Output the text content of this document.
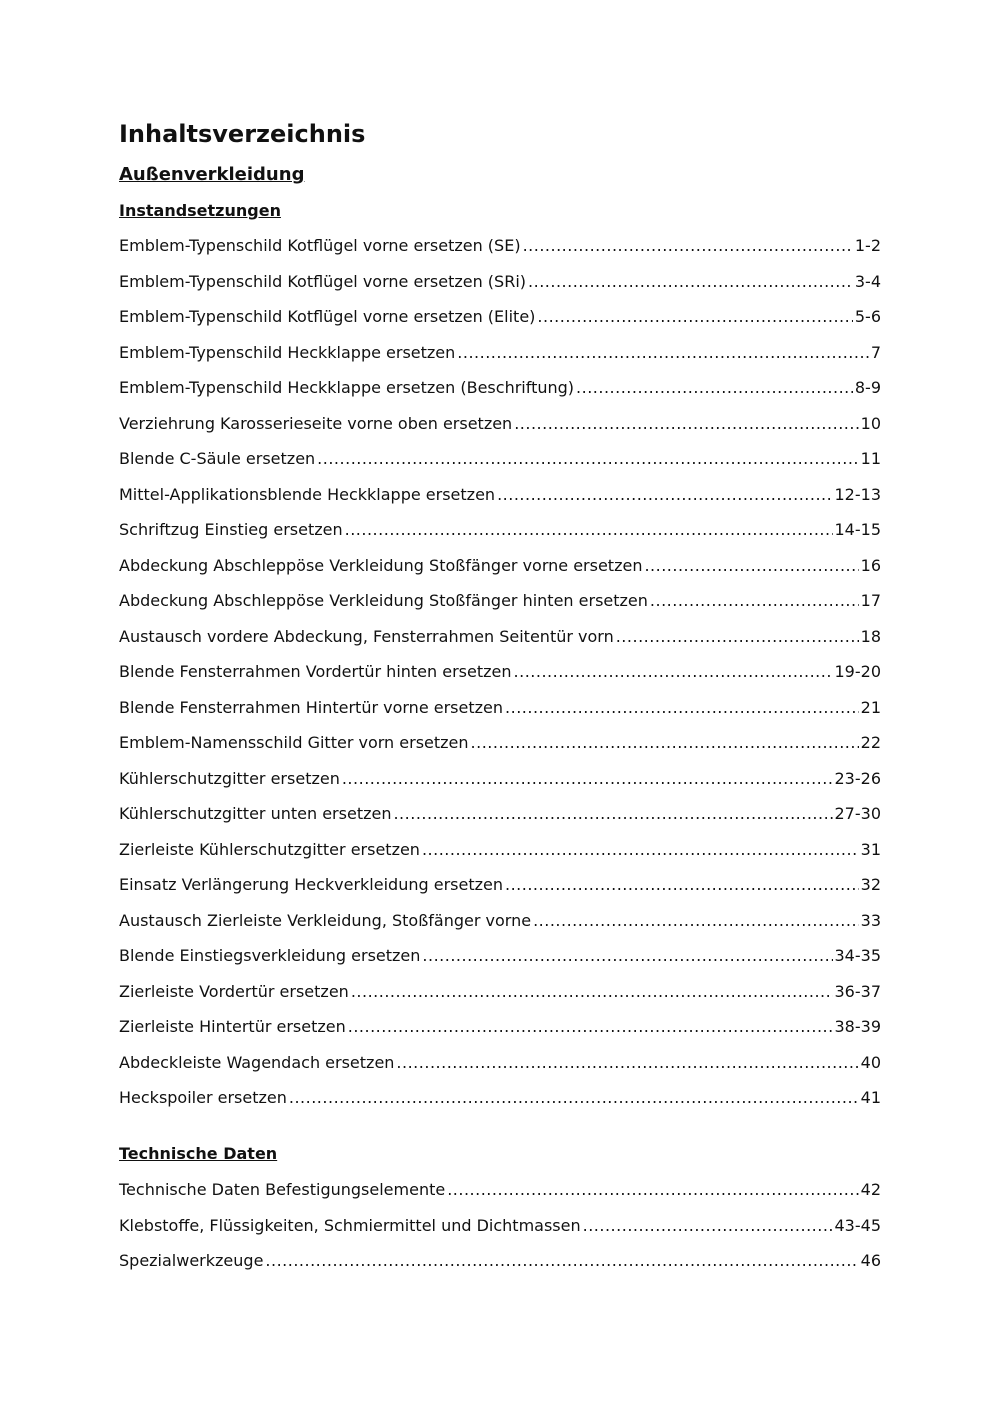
Inhaltsverzeichnis
Außenverkleidung
Instandsetzungen
Emblem-Typenschild Kotflügel vorne ersetzen (SE) .....	1-2
Emblem-Typenschild Kotflügel vorne ersetzen (SRi) .....	3-4
Emblem-Typenschild Kotflügel vorne ersetzen (Elite) .....	5-6
Emblem-Typenschild Heckklappe ersetzen .....	7
Emblem-Typenschild Heckklappe ersetzen (Beschriftung) .....	8-9
Verziehrung Karosserieseite vorne oben ersetzen .....	10
Blende C-Säule ersetzen .....	11
Mittel-Applikationsblende Heckklappe ersetzen .....	12-13
Schriftzug Einstieg ersetzen .....	14-15
Abdeckung Abschleppöse Verkleidung Stoßfänger vorne ersetzen .....	16
Abdeckung Abschleppöse Verkleidung Stoßfänger hinten ersetzen .....	17
Austausch vordere Abdeckung, Fensterrahmen Seitentür vorn .....	18
Blende Fensterrahmen Vordertür hinten ersetzen .....	19-20
Blende Fensterrahmen Hintertür vorne ersetzen .....	21
Emblem-Namensschild Gitter vorn ersetzen .....	22
Kühlerschutzgitter ersetzen .....	23-26
Kühlerschutzgitter unten ersetzen .....	27-30
Zierleiste Kühlerschutzgitter ersetzen .....	31
Einsatz Verlängerung Heckverkleidung ersetzen .....	32
Austausch Zierleiste Verkleidung, Stoßfänger vorne .....	33
Blende Einstiegsverkleidung ersetzen .....	34-35
Zierleiste Vordertür ersetzen .....	36-37
Zierleiste Hintertür ersetzen .....	38-39
Abdeckleiste Wagendach ersetzen .....	40
Heckspoiler ersetzen .....	41
Technische Daten
Technische Daten Befestigungselemente .....	42
Klebstoffe, Flüssigkeiten, Schmiermittel und Dichtmassen .....	43-45
Spezialwerkzeuge .....	46
